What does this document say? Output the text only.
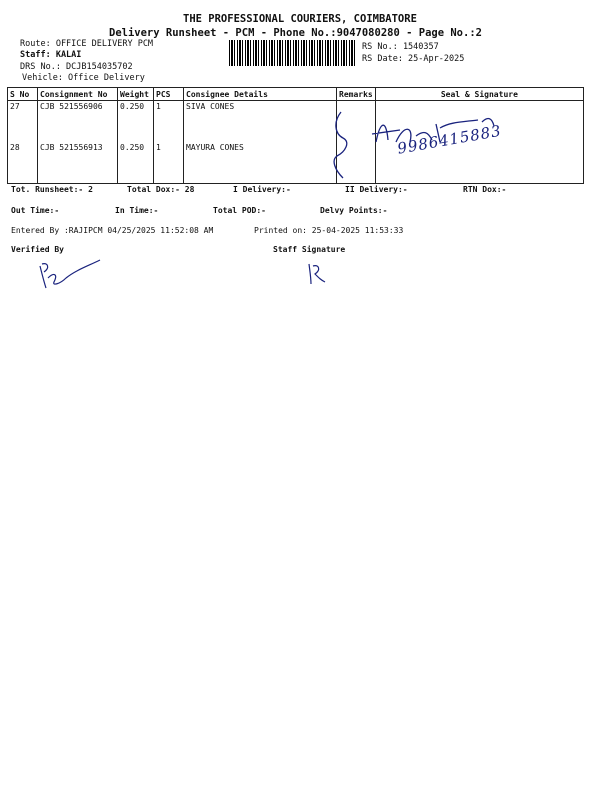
THE PROFESSIONAL COURIERS, COIMBATORE
Delivery Runsheet - PCM - Phone No.:9047080280 - Page No.:2
Route: OFFICE DELIVERY PCM
Staff: KALAI
DRS No.: DCJB154035702
Vehicle: Office Delivery
RS No.: 1540357
RS Date: 25-Apr-2025
S No	Consignment No	Weight	PCS	Consignee Details	Remarks	Seal & Signature
27	CJB 521556906	0.250	1	SIVA CONES		
28	CJB 521556913	0.250	1	MAYURA CONES			9986415883
Tot. Runsheet:- 2	Total Dox:- 28	I Delivery:-	II Delivery:-	RTN Dox:-
Out Time:-	In Time:-	Total POD:-	Delvy Points:-
Entered By :RAJIPCM 04/25/2025 11:52:08 AM	Printed on: 25-04-2025 11:53:33
Verified By	Staff Signature
